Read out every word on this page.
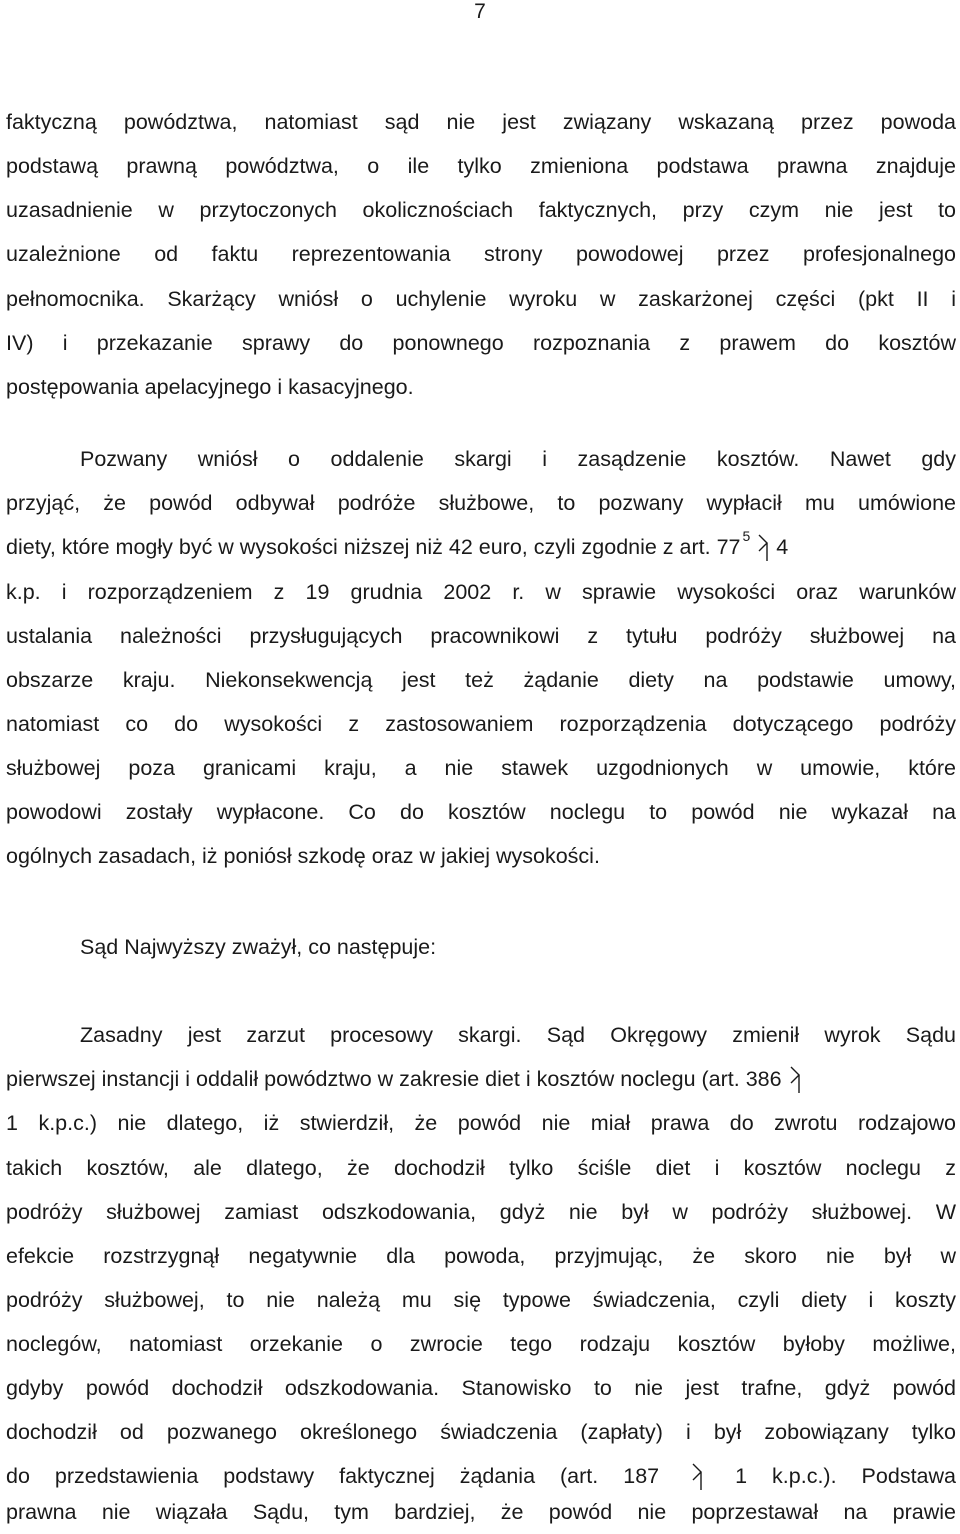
7
faktyczną powództwa, natomiast sąd nie jest związany wskazaną przez powoda
podstawą prawną powództwa, o ile tylko zmieniona podstawa prawna znajduje
uzasadnienie w przytoczonych okolicznościach faktycznych, przy czym nie jest to
uzależnione od faktu reprezentowania strony powodowej przez profesjonalnego
pełnomocnika. Skarżący wniósł o uchylenie wyroku w zaskarżonej części (pkt II i
IV) i przekazanie sprawy do ponownego rozpoznania z prawem do kosztów
postępowania apelacyjnego i kasacyjnego.
Pozwany wniósł o oddalenie skargi i zasądzenie kosztów. Nawet gdy
przyjąć, że powód odbywał podróże służbowe, to pozwany wypłacił mu umówione
diety, które mogły być w wysokości niższej niż 42 euro, czyli zgodnie z art. 77 $^5$ 4
k.p. i rozporządzeniem z 19 grudnia 2002 r. w sprawie wysokości oraz warunków
ustalania należności przysługujących pracownikowi z tytułu podróży służbowej na
obszarze kraju. Niekonsekwencją jest też żądanie diety na podstawie umowy,
natomiast co do wysokości z zastosowaniem rozporządzenia dotyczącego podróży
służbowej poza granicami kraju, a nie stawek uzgodnionych w umowie, które
powodowi zostały wypłacone. Co do kosztów noclegu to powód nie wykazał na
ogólnych zasadach, iż poniósł szkodę oraz w jakiej wysokości.
Sąd Najwyższy zważył, co następuje:
Zasadny jest zarzut procesowy skargi. Sąd Okręgowy zmienił wyrok Sądu
pierwszej instancji i oddalił powództwo w zakresie diet i kosztów noclegu (art. 386
1 k.p.c.) nie dlatego, iż stwierdził, że powód nie miał prawa do zwrotu rodzajowo
takich kosztów, ale dlatego, że dochodził tylko ściśle diet i kosztów noclegu z
podróży służbowej zamiast odszkodowania, gdyż nie był w podróży służbowej. W
efekcie rozstrzygnął negatywnie dla powoda, przyjmując, że skoro nie był w
podróży służbowej, to nie należą mu się typowe świadczenia, czyli diety i koszty
noclegów, natomiast orzekanie o zwrocie tego rodzaju kosztów byłoby możliwe,
gdyby powód dochodził odszkodowania. Stanowisko to nie jest trafne, gdyż powód
dochodził od pozwanego określonego świadczenia (zapłaty) i był zobowiązany tylko
do przedstawienia podstawy faktycznej żądania (art. 187	1 k.p.c.). Podstawa
prawna nie wiązała Sądu, tym bardziej, że powód nie poprzestawał na prawie
